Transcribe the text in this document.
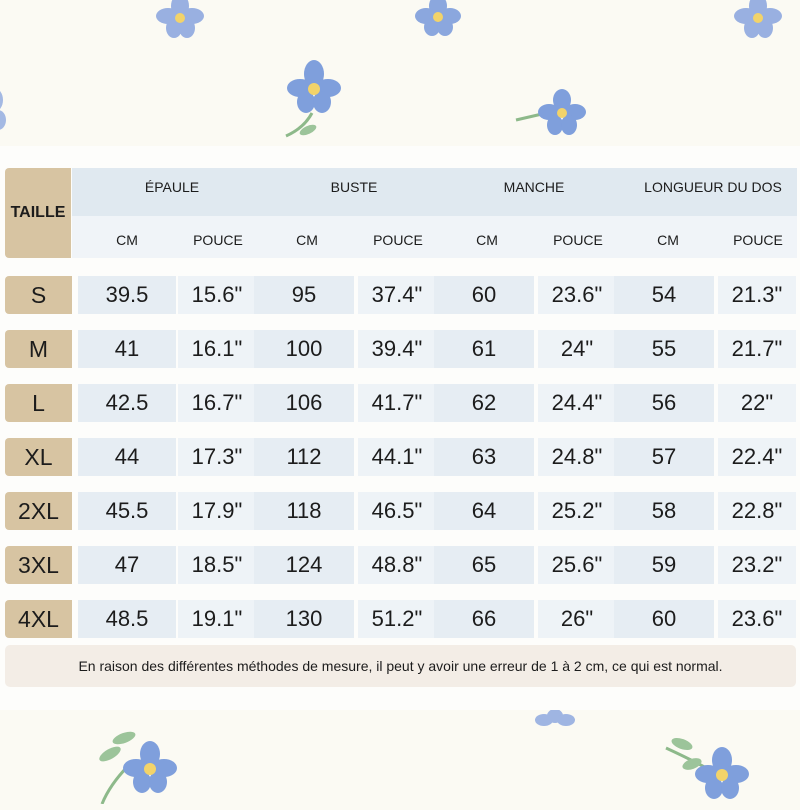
TAILLE
ÉPAULE	BUSTE	MANCHE	LONGUEUR DU DOS
CM	POUCE	CM	POUCE	CM	POUCE	CM	POUCE
S	39.5	15.6"	95	37.4"	60	23.6"	54	21.3"
M	41	16.1"	100	39.4"	61	24"	55	21.7"
L	42.5	16.7"	106	41.7"	62	24.4"	56	22"
XL	44	17.3"	112	44.1"	63	24.8"	57	22.4"
2XL	45.5	17.9"	118	46.5"	64	25.2"	58	22.8"
3XL	47	18.5"	124	48.8"	65	25.6"	59	23.2"
4XL	48.5	19.1"	130	51.2"	66	26"	60	23.6"
En raison des différentes méthodes de mesure, il peut y avoir une erreur de 1 à 2 cm, ce qui est normal.
